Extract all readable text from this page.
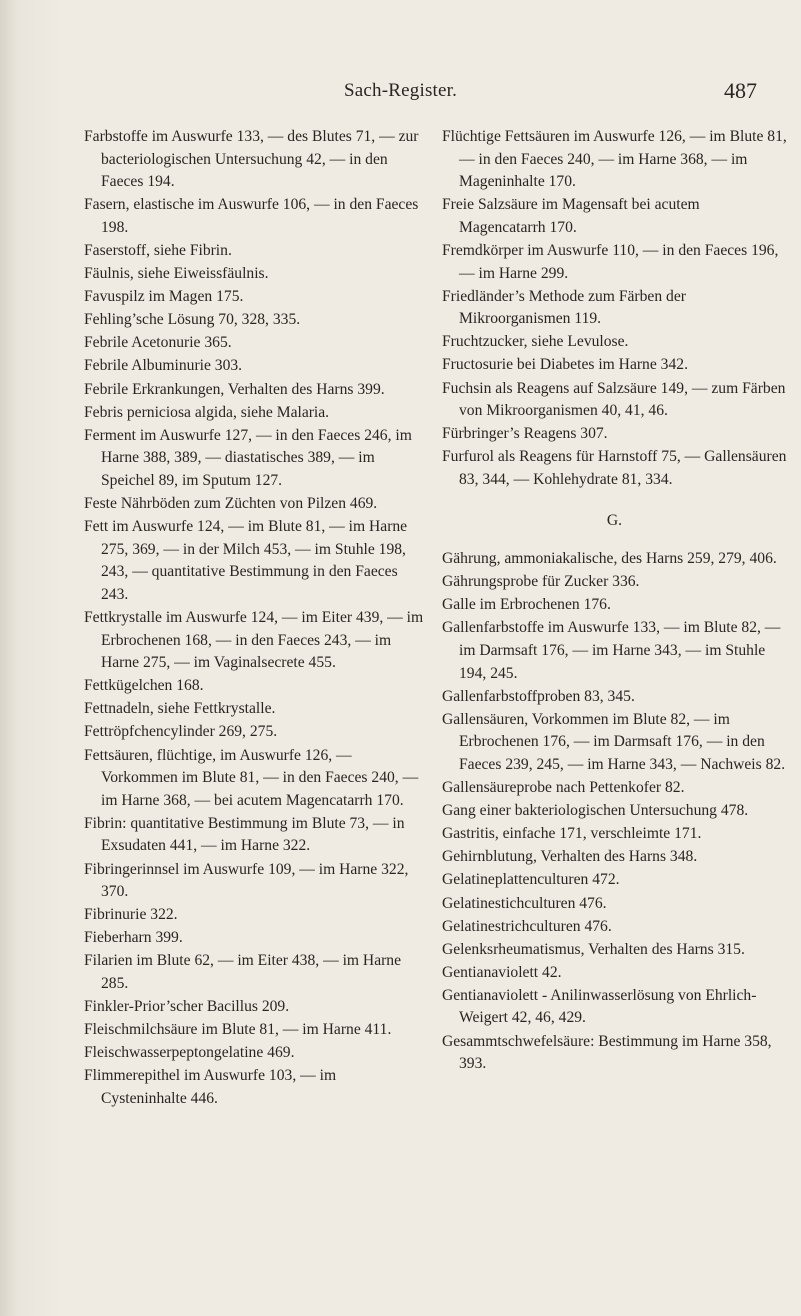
Sach-Register.	487

Farbstoffe im Auswurfe 133, — des Blutes 71, — zur bacteriologischen Untersuchung 42, — in den Faeces 194.

Fasern, elastische im Auswurfe 106, — in den Faeces 198.

Faserstoff, siehe Fibrin.

Fäulnis, siehe Eiweissfäulnis.

Favuspilz im Magen 175.

Fehling’sche Lösung 70, 328, 335.

Febrile Acetonurie 365.

Febrile Albuminurie 303.

Febrile Erkrankungen, Verhalten des Harns 399.

Febris perniciosa algida, siehe Malaria.

Ferment im Auswurfe 127, — in den Faeces 246, im Harne 388, 389, — diastatisches 389, — im Speichel 89, im Sputum 127.

Feste Nährböden zum Züchten von Pilzen 469.

Fett im Auswurfe 124, — im Blute 81, — im Harne 275, 369, — in der Milch 453, — im Stuhle 198, 243, — quantitative Bestimmung in den Faeces 243.

Fettkrystalle im Auswurfe 124, — im Eiter 439, — im Erbrochenen 168, — in den Faeces 243, — im Harne 275, — im Vaginalsecrete 455.

Fettkügelchen 168.

Fettnadeln, siehe Fettkrystalle.

Fettröpfchencylinder 269, 275.

Fettsäuren, flüchtige, im Auswurfe 126, — Vorkommen im Blute 81, — in den Faeces 240, — im Harne 368, — bei acutem Magencatarrh 170.

Fibrin: quantitative Bestimmung im Blute 73, — in Exsudaten 441, — im Harne 322.

Fibringerinnsel im Auswurfe 109, — im Harne 322, 370.

Fibrinurie 322.

Fieberharn 399.

Filarien im Blute 62, — im Eiter 438, — im Harne 285.

Finkler-Prior’scher Bacillus 209.

Fleischmilchsäure im Blute 81, — im Harne 411.

Fleischwasserpeptongelatine 469.

Flimmerepithel im Auswurfe 103, — im Cysteninhalte 446.

Flüchtige Fettsäuren im Auswurfe 126, — im Blute 81, — in den Faeces 240, — im Harne 368, — im Mageninhalte 170.

Freie Salzsäure im Magensaft bei acutem Magencatarrh 170.

Fremdkörper im Auswurfe 110, — in den Faeces 196, — im Harne 299.

Friedländer’s Methode zum Färben der Mikroorganismen 119.

Fruchtzucker, siehe Levulose.

Fructosurie bei Diabetes im Harne 342.

Fuchsin als Reagens auf Salzsäure 149, — zum Färben von Mikroorganismen 40, 41, 46.

Fürbringer’s Reagens 307.

Furfurol als Reagens für Harnstoff 75, — Gallensäuren 83, 344, — Kohlehydrate 81, 334.

G.

Gährung, ammoniakalische, des Harns 259, 279, 406.

Gährungsprobe für Zucker 336.

Galle im Erbrochenen 176.

Gallenfarbstoffe im Auswurfe 133, — im Blute 82, — im Darmsaft 176, — im Harne 343, — im Stuhle 194, 245.

Gallenfarbstoffproben 83, 345.

Gallensäuren, Vorkommen im Blute 82, — im Erbrochenen 176, — im Darmsaft 176, — in den Faeces 239, 245, — im Harne 343, — Nachweis 82.

Gallensäureprobe nach Pettenkofer 82.

Gang einer bakteriologischen Untersuchung 478.

Gastritis, einfache 171, verschleimte 171.

Gehirnblutung, Verhalten des Harns 348.

Gelatineplattenculturen 472.

Gelatinestichculturen 476.

Gelatinestrichculturen 476.

Gelenksrheumatismus, Verhalten des Harns 315.

Gentianaviolett 42.

Gentianaviolett - Anilinwasserlösung von Ehrlich-Weigert 42, 46, 429.

Gesammtschwefelsäure: Bestimmung im Harne 358, 393.
